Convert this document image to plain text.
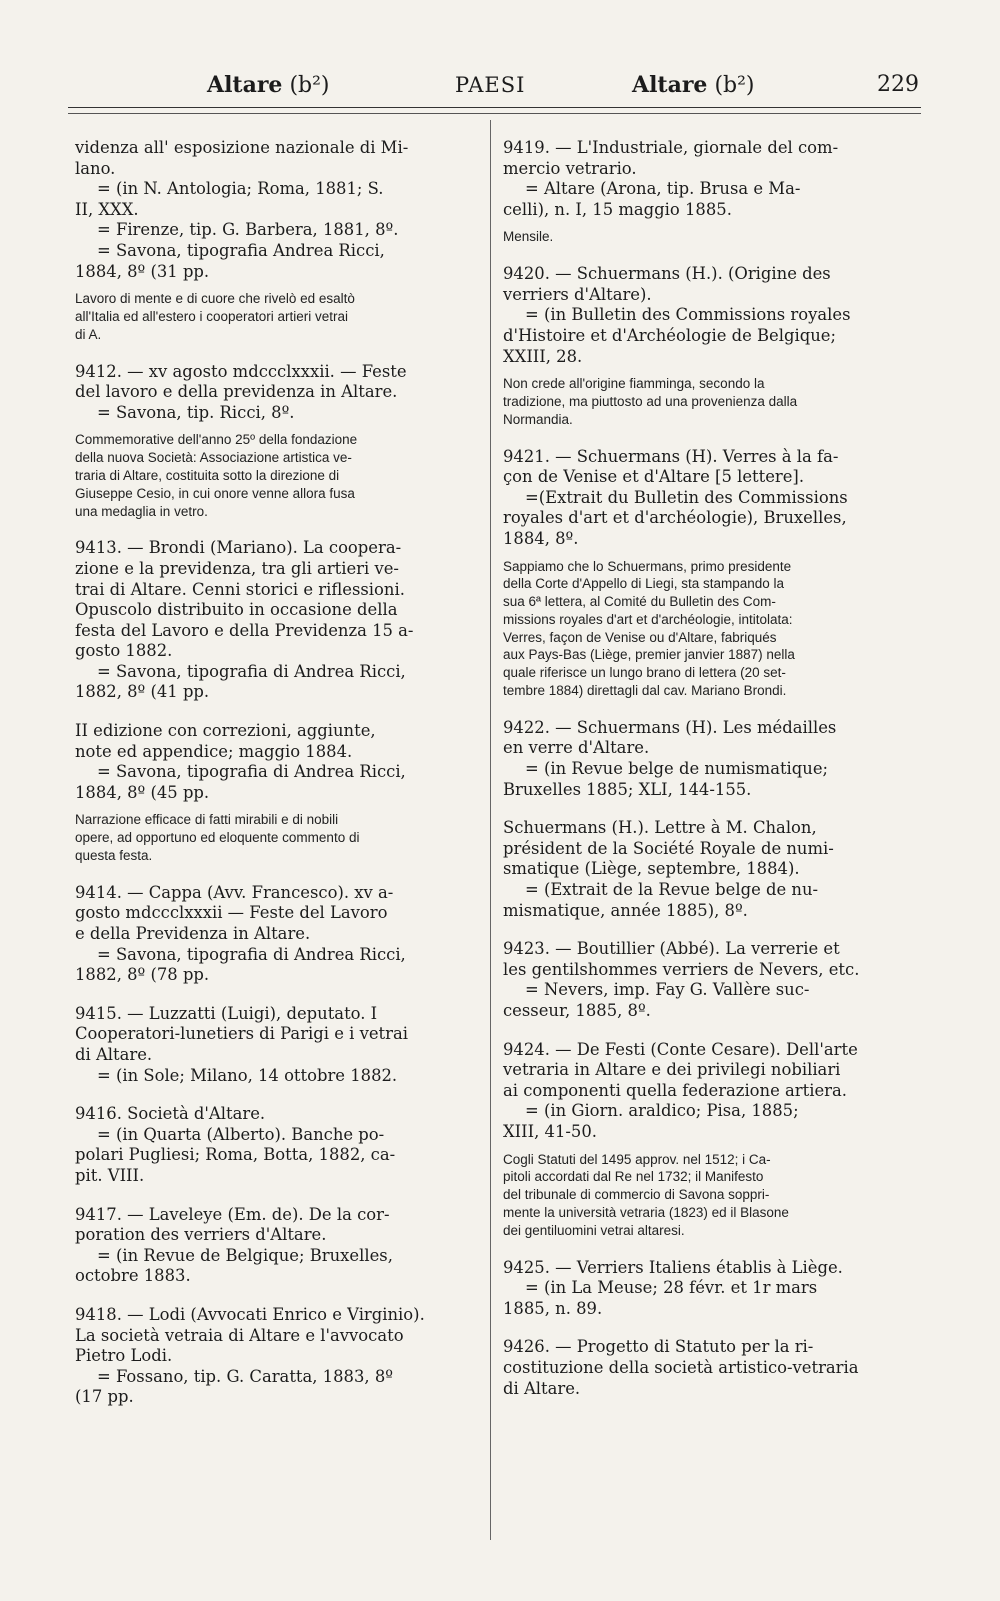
Altare (b²)	PAESI	Altare (b²)	229

videnza all' esposizione nazionale di Mi-
lano.
= (in N. Antologia; Roma, 1881; S.
II, XXX.
= Firenze, tip. G. Barbera, 1881, 8º.
= Savona, tipografia Andrea Ricci,
1884, 8º (31 pp.

Lavoro di mente e di cuore che rivelò ed esaltò
all'Italia ed all'estero i cooperatori artieri vetrai
di A.

9412. — xv agosto mdccclxxxii. — Feste
del lavoro e della previdenza in Altare.
= Savona, tip. Ricci, 8º.

Commemorative dell'anno 25º della fondazione
della nuova Società: Associazione artistica ve-
traria di Altare, costituita sotto la direzione di
Giuseppe Cesio, in cui onore venne allora fusa
una medaglia in vetro.

9413. — Brondi (Mariano). La coopera-
zione e la previdenza, tra gli artieri ve-
trai di Altare. Cenni storici e riflessioni.
Opuscolo distribuito in occasione della
festa del Lavoro e della Previdenza 15 a-
gosto 1882.
= Savona, tipografia di Andrea Ricci,
1882, 8º (41 pp.

II edizione con correzioni, aggiunte,
note ed appendice; maggio 1884.
= Savona, tipografia di Andrea Ricci,
1884, 8º (45 pp.

Narrazione efficace di fatti mirabili e di nobili
opere, ad opportuno ed eloquente commento di
questa festa.

9414. — Cappa (Avv. Francesco). xv a-
gosto mdccclxxxii — Feste del Lavoro
e della Previdenza in Altare.
= Savona, tipografia di Andrea Ricci,
1882, 8º (78 pp.

9415. — Luzzatti (Luigi), deputato. I
Cooperatori-lunetiers di Parigi e i vetrai
di Altare.
= (in Sole; Milano, 14 ottobre 1882.

9416. Società d'Altare.
= (in Quarta (Alberto). Banche po-
polari Pugliesi; Roma, Botta, 1882, ca-
pit. VIII.

9417. — Laveleye (Em. de). De la cor-
poration des verriers d'Altare.
= (in Revue de Belgique; Bruxelles,
octobre 1883.

9418. — Lodi (Avvocati Enrico e Virginio).
La società vetraia di Altare e l'avvocato
Pietro Lodi.
= Fossano, tip. G. Caratta, 1883, 8º
(17 pp.

9419. — L'Industriale, giornale del com-
mercio vetrario.
= Altare (Arona, tip. Brusa e Ma-
celli), n. I, 15 maggio 1885.

Mensile.

9420. — Schuermans (H.). (Origine des
verriers d'Altare).
= (in Bulletin des Commissions royales
d'Histoire et d'Archéologie de Belgique;
XXIII, 28.

Non crede all'origine fiamminga, secondo la
tradizione, ma piuttosto ad una provenienza dalla
Normandia.

9421. — Schuermans (H). Verres à la fa-
çon de Venise et d'Altare [5 lettere].
=(Extrait du Bulletin des Commissions
royales d'art et d'archéologie), Bruxelles,
1884, 8º.

Sappiamo che lo Schuermans, primo presidente
della Corte d'Appello di Liegi, sta stampando la
sua 6ª lettera, al Comité du Bulletin des Com-
missions royales d'art et d'archéologie, intitolata:
Verres, façon de Venise ou d'Altare, fabriqués
aux Pays-Bas (Liège, premier janvier 1887) nella
quale riferisce un lungo brano di lettera (20 set-
tembre 1884) direttagli dal cav. Mariano Brondi.

9422. — Schuermans (H). Les médailles
en verre d'Altare.
= (in Revue belge de numismatique;
Bruxelles 1885; XLI, 144-155.

Schuermans (H.). Lettre à M. Chalon,
président de la Société Royale de numi-
smatique (Liège, septembre, 1884).
= (Extrait de la Revue belge de nu-
mismatique, année 1885), 8º.

9423. — Boutillier (Abbé). La verrerie et
les gentilshommes verriers de Nevers, etc.
= Nevers, imp. Fay G. Vallère suc-
cesseur, 1885, 8º.

9424. — De Festi (Conte Cesare). Dell'arte
vetraria in Altare e dei privilegi nobiliari
ai componenti quella federazione artiera.
= (in Giorn. araldico; Pisa, 1885;
XIII, 41-50.

Cogli Statuti del 1495 approv. nel 1512; i Ca-
pitoli accordati dal Re nel 1732; il Manifesto
del tribunale di commercio di Savona soppri-
mente la università vetraria (1823) ed il Blasone
dei gentiluomini vetrai altaresi.

9425. — Verriers Italiens établis à Liège.
= (in La Meuse; 28 févr. et 1r mars
1885, n. 89.

9426. — Progetto di Statuto per la ri-
costituzione della società artistico-vetraria
di Altare.
